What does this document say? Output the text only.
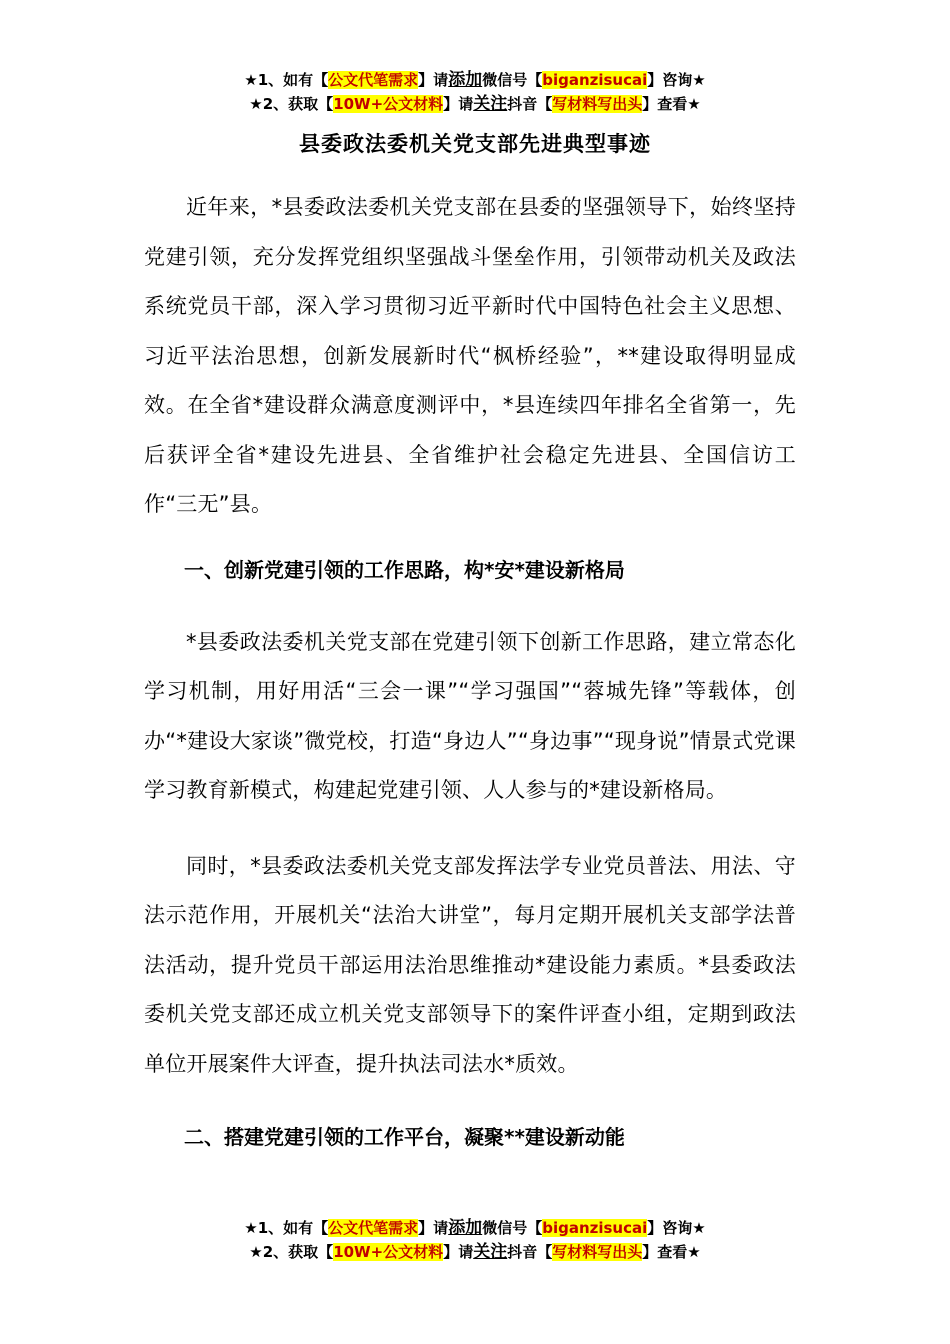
★1、如有【公文代笔需求】请添加微信号【biganzisucai】咨询★
★2、获取【10W+公文材料】请关注抖音【写材料写出头】查看★
县委政法委机关党支部先进典型事迹

近年来，*县委政法委机关党支部在县委的坚强领导下，始终坚持党建引领，充分发挥党组织坚强战斗堡垒作用，引领带动机关及政法系统党员干部，深入学习贯彻习近平新时代中国特色社会主义思想、习近平法治思想，创新发展新时代“枫桥经验”，**建设取得明显成效。在全省*建设群众满意度测评中，*县连续四年排名全省第一，先后获评全省*建设先进县、全省维护社会稳定先进县、全国信访工作“三无”县。

一、创新党建引领的工作思路，构*安*建设新格局

*县委政法委机关党支部在党建引领下创新工作思路，建立常态化学习机制，用好用活“三会一课”“学习强国”“蓉城先锋”等载体，创办“*建设大家谈”微党校，打造“身边人”“身边事”“现身说”情景式党课学习教育新模式，构建起党建引领、人人参与的*建设新格局。

同时，*县委政法委机关党支部发挥法学专业党员普法、用法、守法示范作用，开展机关“法治大讲堂”，每月定期开展机关支部学法普法活动，提升党员干部运用法治思维推动*建设能力素质。*县委政法委机关党支部还成立机关党支部领导下的案件评查小组，定期到政法单位开展案件大评查，提升执法司法水*质效。

二、搭建党建引领的工作平台，凝聚**建设新动能

★1、如有【公文代笔需求】请添加微信号【biganzisucai】咨询★
★2、获取【10W+公文材料】请关注抖音【写材料写出头】查看★
